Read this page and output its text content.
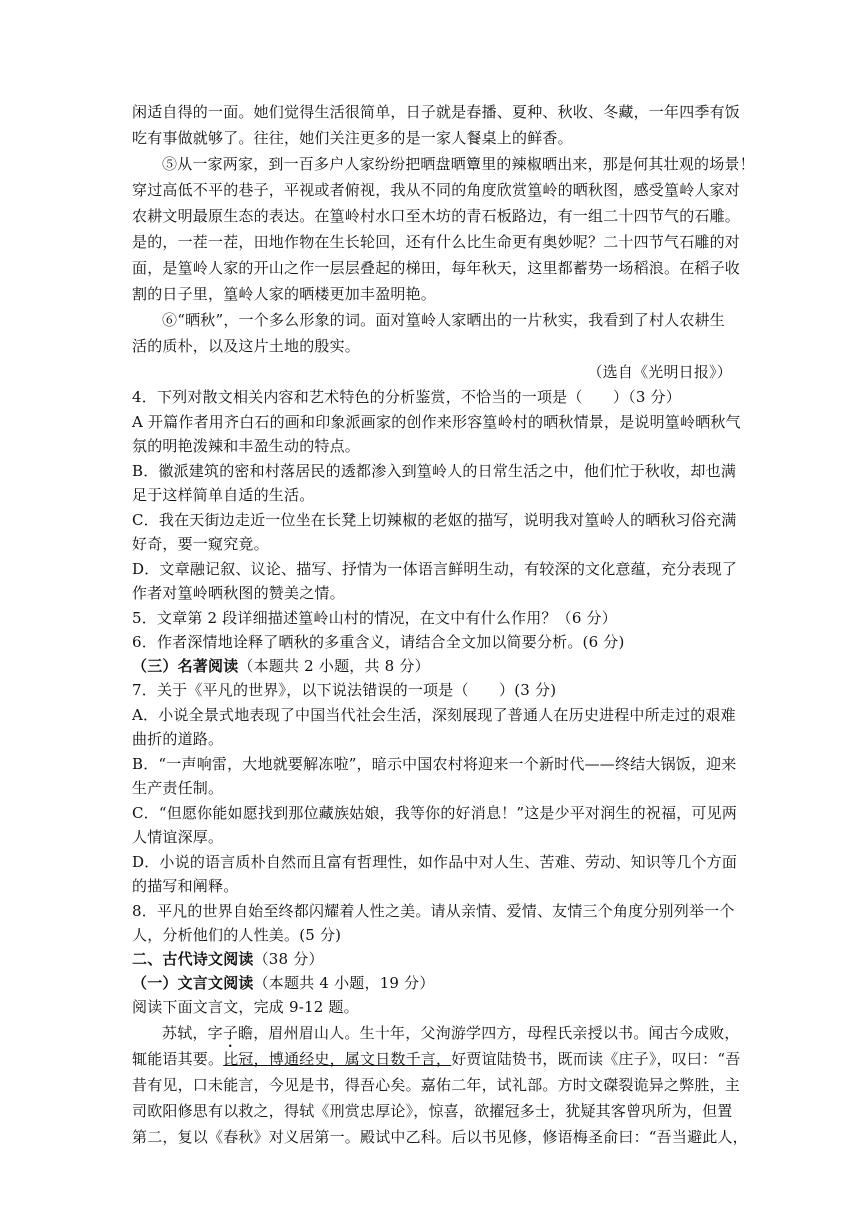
闲适自得的一面。她们觉得生活很简单，日子就是春播、夏种、秋收、冬藏，一年四季有饭
吃有事做就够了。往往，她们关注更多的是一家人餐桌上的鲜香。
⑤从一家两家，到一百多户人家纷纷把晒盘晒簟里的辣椒晒出来，那是何其壮观的场景！
穿过高低不平的巷子，平视或者俯视，我从不同的角度欣赏篁岭的晒秋图，感受篁岭人家对
农耕文明最原生态的表达。在篁岭村水口至木坊的青石板路边，有一组二十四节气的石雕。
是的，一茬一茬，田地作物在生长轮回，还有什么比生命更有奥妙呢？二十四节气石雕的对
面，是篁岭人家的开山之作一层层叠起的梯田，每年秋天，这里都蓄势一场稻浪。在稻子收
割的日子里，篁岭人家的晒楼更加丰盈明艳。
⑥“晒秋”，一个多么形象的词。面对篁岭人家晒出的一片秋实，我看到了村人农耕生
活的质朴，以及这片土地的殷实。
（选自《光明日报》）
4．下列对散文相关内容和艺术特色的分析鉴赏，不恰当的一项是（　　）（3 分）
A 开篇作者用齐白石的画和印象派画家的创作来形容篁岭村的晒秋情景，是说明篁岭晒秋气
氛的明艳泼辣和丰盈生动的特点。
B．徽派建筑的密和村落居民的透都渗入到篁岭人的日常生活之中，他们忙于秋收，却也满
足于这样简单自适的生活。
C．我在天街边走近一位坐在长凳上切辣椒的老妪的描写，说明我对篁岭人的晒秋习俗充满
好奇，要一窥究竟。
D．文章融记叙、议论、描写、抒情为一体语言鲜明生动，有较深的文化意蕴，充分表现了
作者对篁岭晒秋图的赞美之情。
5．文章第 2 段详细描述篁岭山村的情况，在文中有什么作用？（6 分）
6．作者深情地诠释了晒秋的多重含义，请结合全文加以简要分析。(6 分)
（三）名著阅读（本题共 2 小题，共 8 分）
7．关于《平凡的世界》，以下说法错误的一项是（　　）(3 分)
A．小说全景式地表现了中国当代社会生活，深刻展现了普通人在历史进程中所走过的艰难
曲折的道路。
B．“一声响雷，大地就要解冻啦”，暗示中国农村将迎来一个新时代——终结大锅饭，迎来
生产责任制。
C．“但愿你能如愿找到那位藏族姑娘，我等你的好消息！”这是少平对润生的祝福，可见两
人情谊深厚。
D．小说的语言质朴自然而且富有哲理性，如作品中对人生、苦难、劳动、知识等几个方面
的描写和阐释。
8．平凡的世界自始至终都闪耀着人性之美。请从亲情、爱情、友情三个角度分别列举一个
人，分析他们的人性美。(5 分)
二、古代诗文阅读（38 分）
（一）文言文阅读（本题共 4 小题，19 分）
阅读下面文言文，完成 9-12 题。
苏轼，字子瞻，眉州眉山人。生十年，父洵游学四方，母程氏亲授以书。闻古今成败，
辄能语其要。比冠，博通经史，属文日数千言，好贾谊陆贽书，既而读《庄子》，叹曰：“吾
昔有见，口未能言，今见是书，得吾心矣。嘉佑二年，试礼部。方时文磔裂诡异之弊胜，主
司欧阳修思有以救之，得轼《刑赏忠厚论》，惊喜，欲擢冠多士，犹疑其客曾巩所为，但置
第二，复以《春秋》对义居第一。殿试中乙科。后以书见修，修语梅圣俞曰：“吾当避此人，
